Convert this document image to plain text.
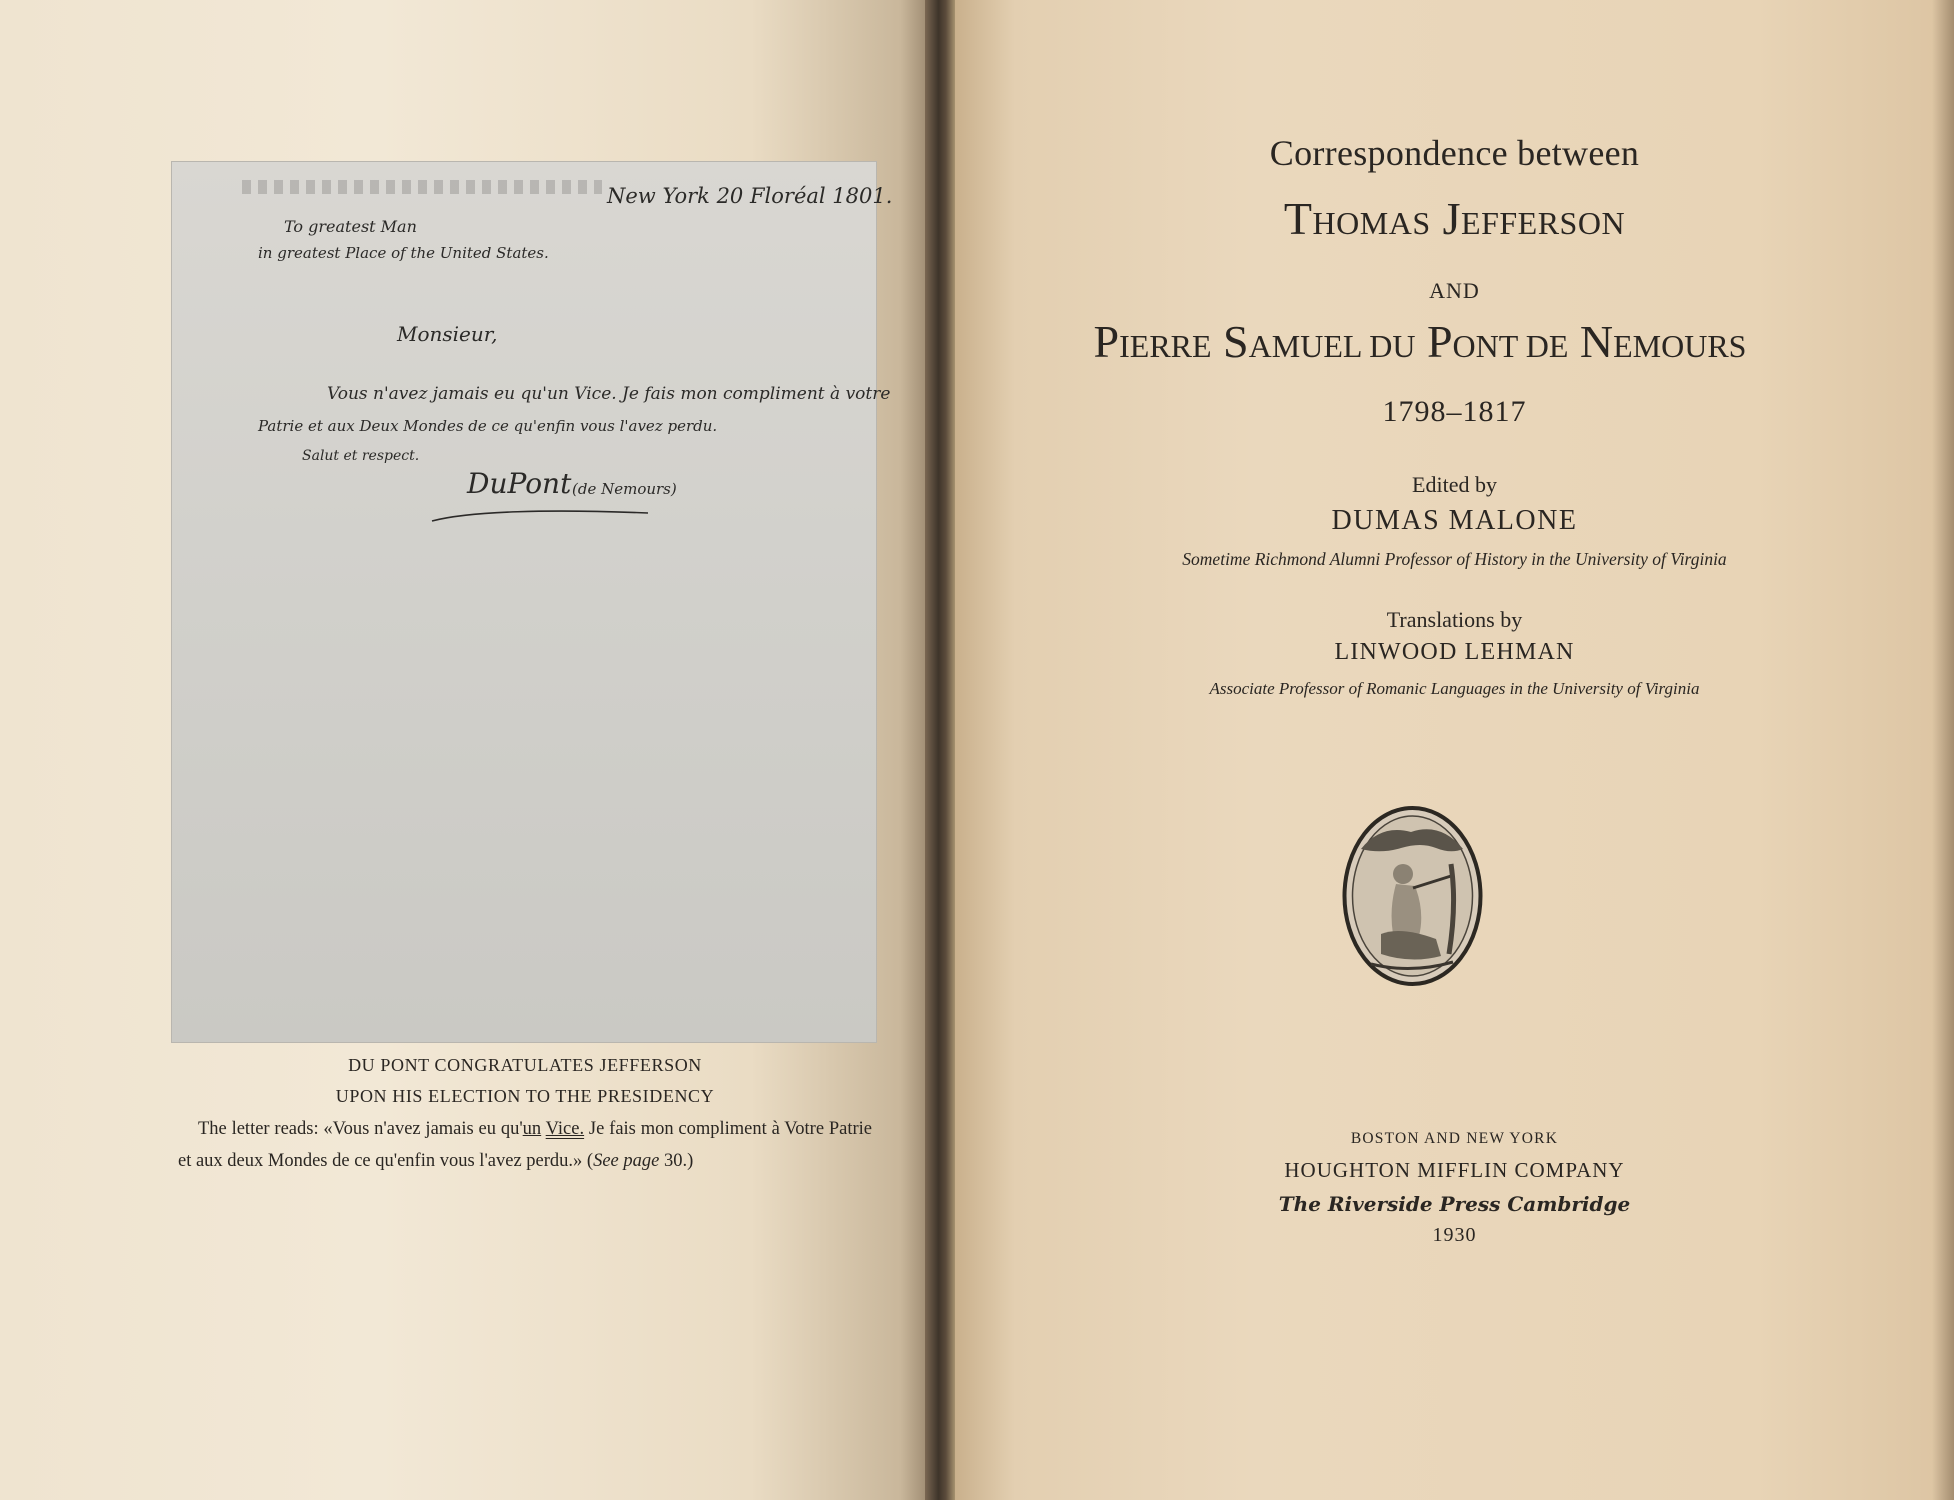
New York 20 Floréal 1801.
To greatest Man
in greatest Place of the United States.
Monsieur,
Vous n'avez jamais eu qu'un Vice. Je fais mon compliment à votre
Patrie et aux Deux Mondes de ce qu'enfin vous l'avez perdu.
Salut et respect.
DuPont (de Nemours)
DU PONT CONGRATULATES JEFFERSON
UPON HIS ELECTION TO THE PRESIDENCY
The letter reads: «Vous n'avez jamais eu qu'un Vice. Je fais mon compliment à Votre Patrie et aux deux Mondes de ce qu'enfin vous l'avez perdu.» (See page 30.)
Correspondence between
THOMAS JEFFERSON
AND
PIERRE SAMUEL DU PONT DE NEMOURS
1798–1817
Edited by
DUMAS MALONE
Sometime Richmond Alumni Professor of History in the University of Virginia
Translations by
LINWOOD LEHMAN
Associate Professor of Romanic Languages in the University of Virginia
BOSTON AND NEW YORK
HOUGHTON MIFFLIN COMPANY
The Riverside Press Cambridge
1930
